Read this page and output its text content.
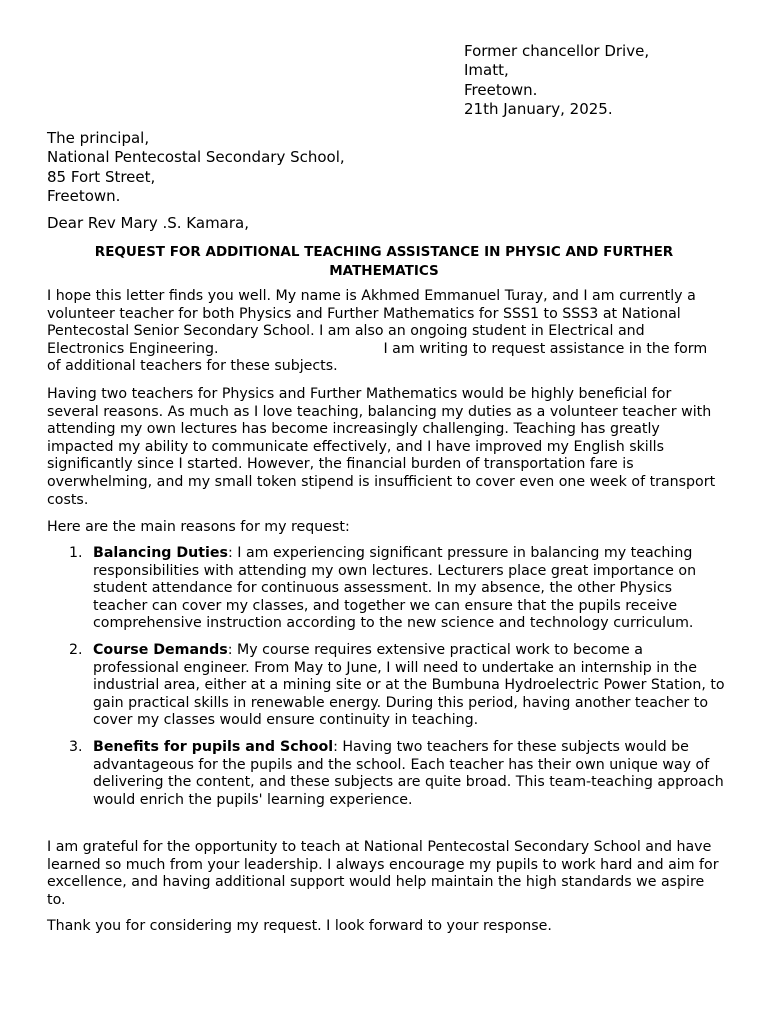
Former chancellor Drive,
Imatt,
Freetown.
21th January, 2025.
The principal,
National Pentecostal Secondary School,
85 Fort Street,
Freetown.
Dear Rev Mary .S. Kamara,
REQUEST FOR ADDITIONAL TEACHING ASSISTANCE IN PHYSIC AND FURTHER MATHEMATICS
I hope this letter finds you well. My name is Akhmed Emmanuel Turay, and I am currently a volunteer teacher for both Physics and Further Mathematics for SSS1 to SSS3 at National Pentecostal Senior Secondary School. I am also an ongoing student in Electrical and Electronics Engineering.	I am writing to request assistance in the form of additional teachers for these subjects.
Having two teachers for Physics and Further Mathematics would be highly beneficial for several reasons. As much as I love teaching, balancing my duties as a volunteer teacher with attending my own lectures has become increasingly challenging. Teaching has greatly impacted my ability to communicate effectively, and I have improved my English skills significantly since I started. However, the financial burden of transportation fare is overwhelming, and my small token stipend is insufficient to cover even one week of transport costs.
Here are the main reasons for my request:
1. Balancing Duties: I am experiencing significant pressure in balancing my teaching responsibilities with attending my own lectures. Lecturers place great importance on student attendance for continuous assessment. In my absence, the other Physics teacher can cover my classes, and together we can ensure that the pupils receive comprehensive instruction according to the new science and technology curriculum.
2. Course Demands: My course requires extensive practical work to become a professional engineer. From May to June, I will need to undertake an internship in the industrial area, either at a mining site or at the Bumbuna Hydroelectric Power Station, to gain practical skills in renewable energy. During this period, having another teacher to cover my classes would ensure continuity in teaching.
3. Benefits for pupils and School: Having two teachers for these subjects would be advantageous for the pupils and the school. Each teacher has their own unique way of delivering the content, and these subjects are quite broad. This team-teaching approach would enrich the pupils' learning experience.
I am grateful for the opportunity to teach at National Pentecostal Secondary School and have learned so much from your leadership. I always encourage my pupils to work hard and aim for excellence, and having additional support would help maintain the high standards we aspire to.
Thank you for considering my request. I look forward to your response.
